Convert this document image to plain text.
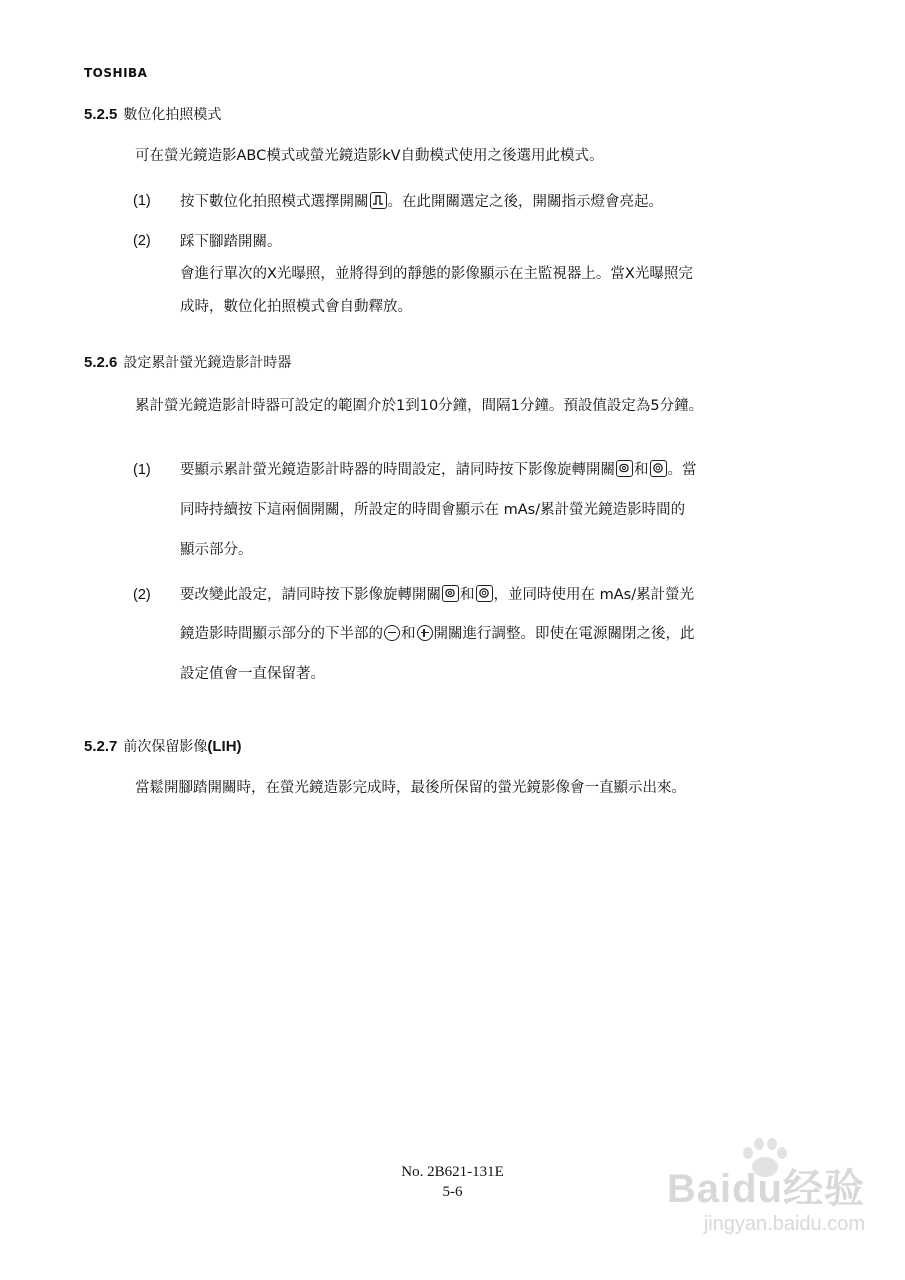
TOSHIBA
5.2.5 數位化拍照模式
可在螢光鏡造影ABC模式或螢光鏡造影kV自動模式使用之後選用此模式。
(1) 按下數位化拍照模式選擇開關 。在此開關選定之後，開關指示燈會亮起。
(2) 踩下腳踏開關。
會進行單次的X光曝照，並將得到的靜態的影像顯示在主監視器上。當X光曝照完
成時，數位化拍照模式會自動釋放。
5.2.6 設定累計螢光鏡造影計時器
累計螢光鏡造影計時器可設定的範圍介於1到10分鐘，間隔1分鐘。預設值設定為5分鐘。
(1) 要顯示累計螢光鏡造影計時器的時間設定，請同時按下影像旋轉開關 和 。當
同時持續按下這兩個開關，所設定的時間會顯示在 mAs/累計螢光鏡造影時間的
顯示部分。
(2) 要改變此設定，請同時按下影像旋轉開關 和 ，並同時使用在 mAs/累計螢光
鏡造影時間顯示部分的下半部的 和 開關進行調整。即使在電源關閉之後，此
設定值會一直保留著。
5.2.7 前次保留影像(LIH)
當鬆開腳踏開關時，在螢光鏡造影完成時，最後所保留的螢光鏡影像會一直顯示出來。
No. 2B621-131E
5-6	Baidu经验
jingyan.baidu.com
